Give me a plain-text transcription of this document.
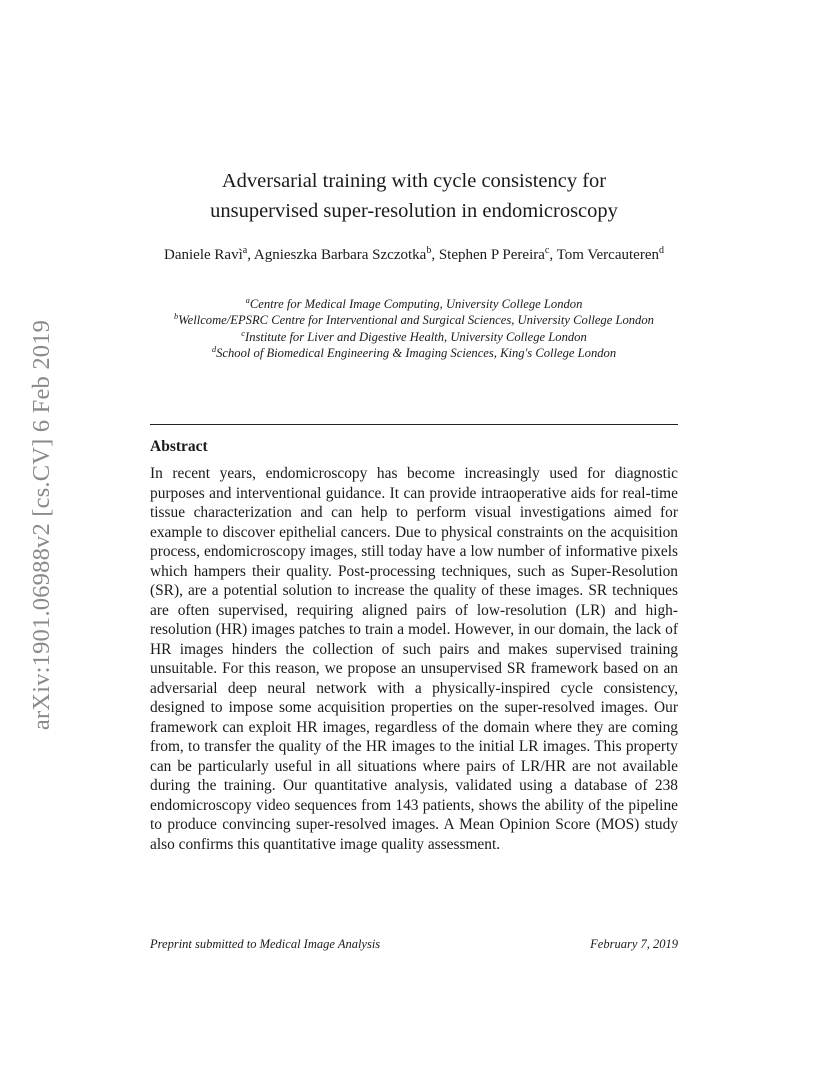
arXiv:1901.06988v2 [cs.CV] 6 Feb 2019
Adversarial training with cycle consistency for
unsupervised super-resolution in endomicroscopy
Daniele Ravì$^a$, Agnieszka Barbara Szczotka$^b$, Stephen P Pereira$^c$, Tom Vercauteren$^d$

$^a$Centre for Medical Image Computing, University College London

$^b$Wellcome/EPSRC Centre for Interventional and Surgical Sciences, University College London

$^c$Institute for Liver and Digestive Health, University College London

$^d$School of Biomedical Engineering & Imaging Sciences, King's College London

Abstract

In recent years, endomicroscopy has become increasingly used for diagnostic purposes and interventional guidance. It can provide intraoperative aids for real-time tissue characterization and can help to perform visual investigations aimed for example to discover epithelial cancers. Due to physical constraints on the acquisition process, endomicroscopy images, still today have a low number of informative pixels which hampers their quality. Post-processing techniques, such as Super-Resolution (SR), are a potential solution to increase the quality of these images. SR techniques are often supervised, requiring aligned pairs of low-resolution (LR) and high-resolution (HR) images patches to train a model. However, in our domain, the lack of HR images hinders the collection of such pairs and makes supervised training unsuitable. For this reason, we propose an unsupervised SR framework based on an adversarial deep neural network with a physically-inspired cycle consistency, designed to impose some acquisition properties on the super-resolved images. Our framework can exploit HR images, regardless of the domain where they are coming from, to transfer the quality of the HR images to the initial LR images. This property can be particularly useful in all situations where pairs of LR/HR are not available during the training. Our quantitative analysis, validated using a database of 238 endomicroscopy video sequences from 143 patients, shows the ability of the pipeline to produce convincing super-resolved images. A Mean Opinion Score (MOS) study also confirms this quantitative image quality assessment.

Preprint submitted to Medical Image Analysis	February 7, 2019
